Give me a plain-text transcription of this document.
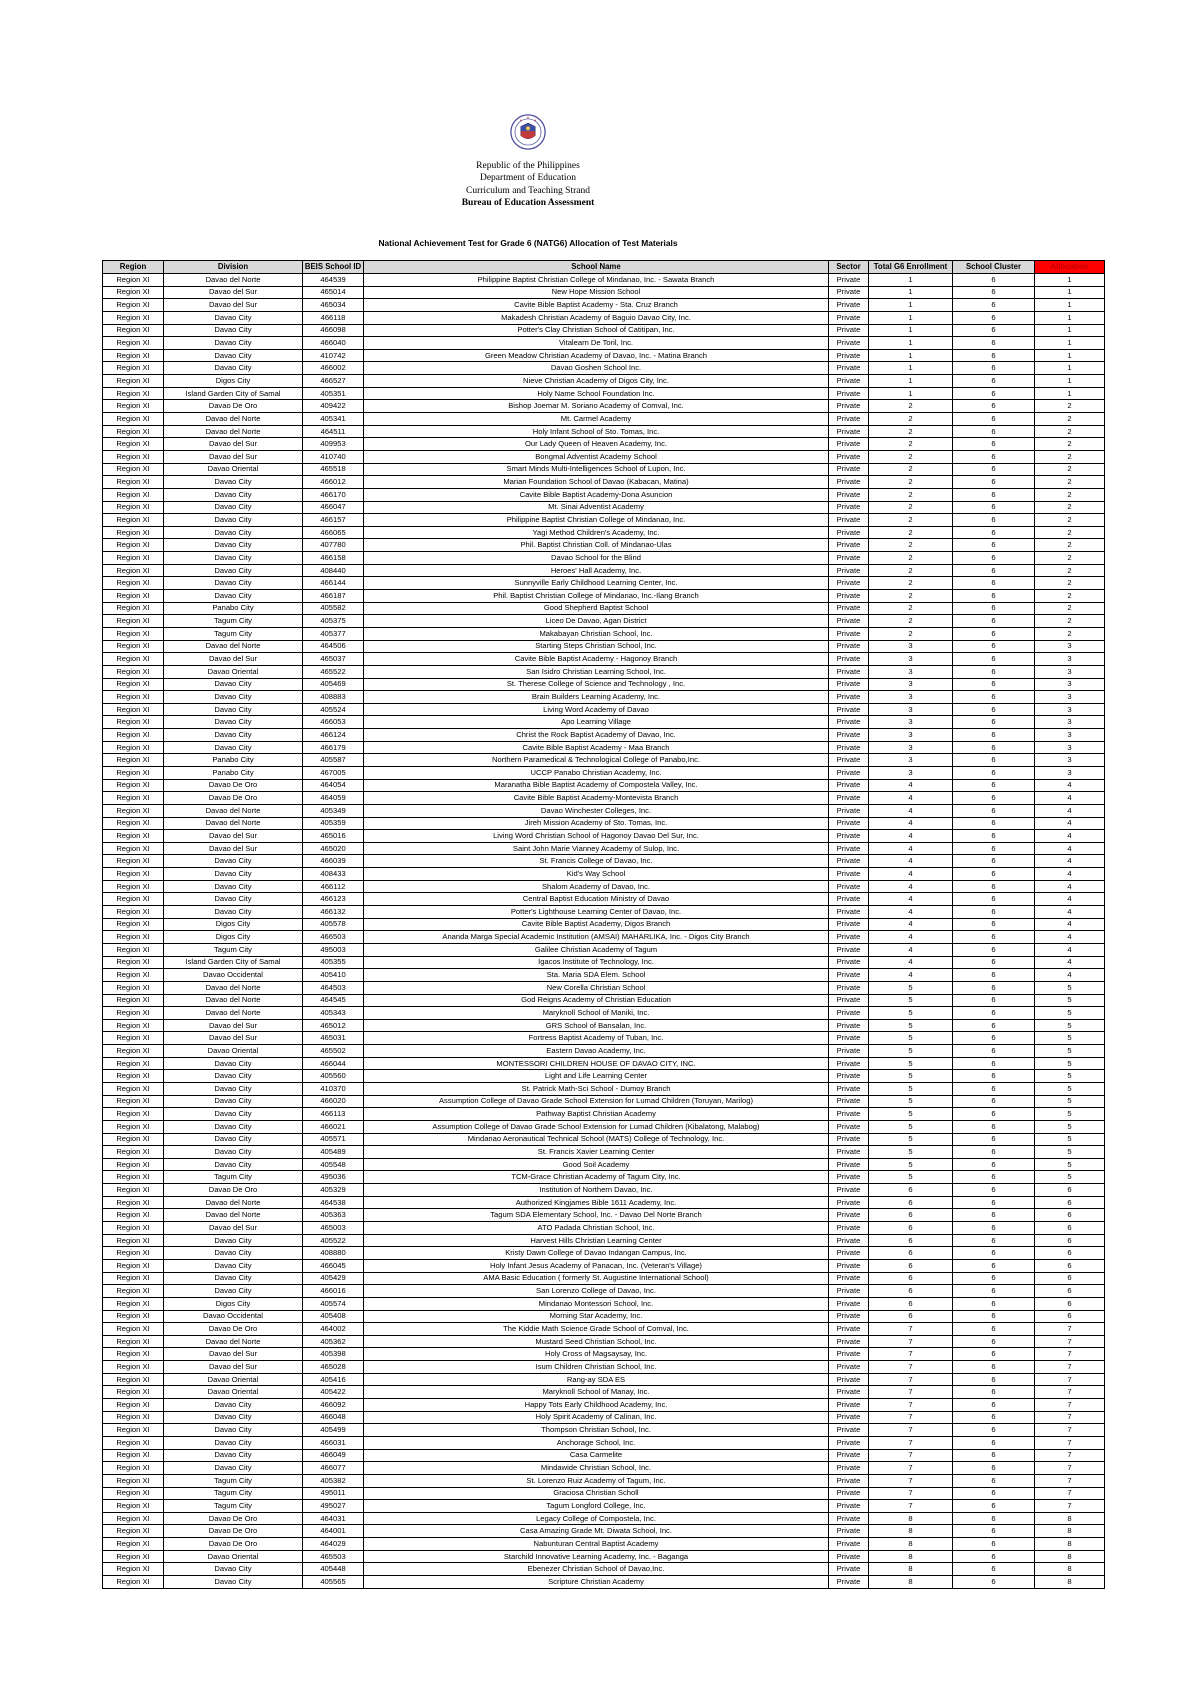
Republic of the Philippines
Department of Education
Curriculum and Teaching Strand
Bureau of Education Assessment
National Achievement Test for Grade 6 (NATG6) Allocation of Test Materials
Region	Division	BEIS School ID	School Name	Sector	Total G6 Enrollment	School Cluster	Allocation
Region XI	Davao del Norte	464539	Philippine Baptist Christian College of Mindanao, Inc. - Sawata Branch	Private	1	6	1
Region XI	Davao del Sur	465014	New Hope Mission School	Private	1	6	1
Region XI	Davao del Sur	465034	Cavite Bible Baptist Academy - Sta. Cruz Branch	Private	1	6	1
Region XI	Davao City	466118	Makadesh Christian Academy of Baguio Davao City, Inc.	Private	1	6	1
Region XI	Davao City	466098	Potter's Clay Christian School of Catitipan, Inc.	Private	1	6	1
Region XI	Davao City	466040	Vitalearn De Toril, Inc.	Private	1	6	1
Region XI	Davao City	410742	Green Meadow Christian Academy of Davao, Inc. - Matina Branch	Private	1	6	1
Region XI	Davao City	466002	Davao Goshen School Inc.	Private	1	6	1
Region XI	Digos City	466527	Nieve Christian Academy of Digos City, Inc.	Private	1	6	1
Region XI	Island Garden City of Samal	405351	Holy Name School Foundation Inc.	Private	1	6	1
Region XI	Davao De Oro	409422	Bishop Joemar M. Soriano Academy of Comval, Inc.	Private	2	6	2
Region XI	Davao del Norte	405341	Mt. Carmel Academy	Private	2	6	2
Region XI	Davao del Norte	464511	Holy Infant School of Sto. Tomas, Inc.	Private	2	6	2
Region XI	Davao del Sur	409953	Our Lady Queen of Heaven Academy, Inc.	Private	2	6	2
Region XI	Davao del Sur	410740	Bongmal Adventist Academy School	Private	2	6	2
Region XI	Davao Oriental	465518	Smart Minds Multi-Intelligences School of Lupon, Inc.	Private	2	6	2
Region XI	Davao City	466012	Marian Foundation School of Davao (Kabacan, Matina)	Private	2	6	2
Region XI	Davao City	466170	Cavite Bible Baptist Academy-Dona Asuncion	Private	2	6	2
Region XI	Davao City	466047	Mt. Sinai Adventist Academy	Private	2	6	2
Region XI	Davao City	466157	Philippine Baptist Christian College of Mindanao, Inc.	Private	2	6	2
Region XI	Davao City	466065	Yagi Method Children's Academy, Inc.	Private	2	6	2
Region XI	Davao City	407780	Phil. Baptist Christian Coll. of Mindanao-Ulas	Private	2	6	2
Region XI	Davao City	466158	Davao School for the Blind	Private	2	6	2
Region XI	Davao City	408440	Heroes' Hall Academy, Inc.	Private	2	6	2
Region XI	Davao City	466144	Sunnyville Early Childhood Learning Center, Inc.	Private	2	6	2
Region XI	Davao City	466187	Phil. Baptist Christian College of Mindanao, Inc.-Ilang Branch	Private	2	6	2
Region XI	Panabo City	405582	Good Shepherd Baptist School	Private	2	6	2
Region XI	Tagum City	405375	Liceo De Davao, Agan District	Private	2	6	2
Region XI	Tagum City	405377	Makabayan Christian School, Inc.	Private	2	6	2
Region XI	Davao del Norte	464506	Starting Steps Christian School, Inc.	Private	3	6	3
Region XI	Davao del Sur	465037	Cavite Bible Baptist Academy - Hagonoy Branch	Private	3	6	3
Region XI	Davao Oriental	465522	San Isidro Christian Learning School, Inc.	Private	3	6	3
Region XI	Davao City	405469	St. Therese College of Science and Technology , Inc.	Private	3	6	3
Region XI	Davao City	408883	Brain Builders Learning Academy, Inc.	Private	3	6	3
Region XI	Davao City	405524	Living Word Academy of Davao	Private	3	6	3
Region XI	Davao City	466053	Apo Learning Village	Private	3	6	3
Region XI	Davao City	466124	Christ the Rock Baptist Academy of Davao, Inc.	Private	3	6	3
Region XI	Davao City	466179	Cavite Bible Baptist Academy - Maa Branch	Private	3	6	3
Region XI	Panabo City	405587	Northern Paramedical & Technological College of Panabo,Inc.	Private	3	6	3
Region XI	Panabo City	467005	UCCP Panabo Christian Academy, Inc.	Private	3	6	3
Region XI	Davao De Oro	464054	Maranatha Bible Baptist Academy of Compostela Valley, Inc.	Private	4	6	4
Region XI	Davao De Oro	464059	Cavite Bible Baptist Academy-Montevista Branch	Private	4	6	4
Region XI	Davao del Norte	405349	Davao Winchester Colleges, Inc.	Private	4	6	4
Region XI	Davao del Norte	405359	Jireh Mission Academy of Sto. Tomas, Inc.	Private	4	6	4
Region XI	Davao del Sur	465016	Living Word Christian School of Hagonoy Davao Del Sur, Inc.	Private	4	6	4
Region XI	Davao del Sur	465020	Saint John Marie Vianney Academy of Sulop, Inc.	Private	4	6	4
Region XI	Davao City	466039	St. Francis College of Davao, Inc.	Private	4	6	4
Region XI	Davao City	408433	Kid's Way School	Private	4	6	4
Region XI	Davao City	466112	Shalom Academy of Davao, Inc.	Private	4	6	4
Region XI	Davao City	466123	Central Baptist Education Ministry of Davao	Private	4	6	4
Region XI	Davao City	466132	Potter's Lighthouse Learning Center of Davao, Inc.	Private	4	6	4
Region XI	Digos City	405578	Cavite Bible Baptist Academy, Digos Branch	Private	4	6	4
Region XI	Digos City	466503	Ananda Marga Special Academic Institution (AMSAI) MAHARLIKA, Inc. - Digos City Branch	Private	4	6	4
Region XI	Tagum City	495003	Galilee Christian Academy of Tagum	Private	4	6	4
Region XI	Island Garden City of Samal	405355	Igacos Institute of Technology, Inc.	Private	4	6	4
Region XI	Davao Occidental	405410	Sta. Maria SDA Elem. School	Private	4	6	4
Region XI	Davao del Norte	464503	New Corella Christian School	Private	5	6	5
Region XI	Davao del Norte	464545	God Reigns Academy of Christian Education	Private	5	6	5
Region XI	Davao del Norte	405343	Maryknoll School of Maniki, Inc.	Private	5	6	5
Region XI	Davao del Sur	465012	GRS School of Bansalan, Inc.	Private	5	6	5
Region XI	Davao del Sur	465031	Fortress Baptist Academy of Tuban, Inc.	Private	5	6	5
Region XI	Davao Oriental	465502	Eastern Davao Academy, Inc.	Private	5	6	5
Region XI	Davao City	466044	MONTESSORI CHILDREN HOUSE OF DAVAO CITY, INC.	Private	5	6	5
Region XI	Davao City	405560	Light and Life Learning Center	Private	5	6	5
Region XI	Davao City	410370	St. Patrick Math-Sci School - Dumoy Branch	Private	5	6	5
Region XI	Davao City	466020	Assumption College of Davao Grade School Extension for Lumad Children (Toruyan, Marilog)	Private	5	6	5
Region XI	Davao City	466113	Pathway Baptist Christian Academy	Private	5	6	5
Region XI	Davao City	466021	Assumption College of Davao Grade School Extension for Lumad Children (Kibalatong, Malabog)	Private	5	6	5
Region XI	Davao City	405571	Mindanao Aeronautical Technical School (MATS) College of Technology, Inc.	Private	5	6	5
Region XI	Davao City	405489	St. Francis Xavier Learning Center	Private	5	6	5
Region XI	Davao City	405548	Good Soil Academy	Private	5	6	5
Region XI	Tagum City	495036	TCM-Grace Christian Academy of Tagum City, Inc.	Private	5	6	5
Region XI	Davao De Oro	405329	Institution of Northern Davao, Inc.	Private	6	6	6
Region XI	Davao del Norte	464538	Authorized Kingjames Bible 1611 Academy, Inc.	Private	6	6	6
Region XI	Davao del Norte	405363	Tagum SDA Elementary School, Inc. - Davao Del Norte Branch	Private	6	6	6
Region XI	Davao del Sur	465003	ATO Padada Christian School, Inc.	Private	6	6	6
Region XI	Davao City	405522	Harvest Hills Christian Learning Center	Private	6	6	6
Region XI	Davao City	408880	Kristy Dawn College of Davao Indangan Campus, Inc.	Private	6	6	6
Region XI	Davao City	466045	Holy Infant Jesus Academy of Panacan, Inc. (Veteran's Village)	Private	6	6	6
Region XI	Davao City	405429	AMA Basic Education ( formerly St. Augustine International School)	Private	6	6	6
Region XI	Davao City	466016	San Lorenzo College of Davao, Inc.	Private	6	6	6
Region XI	Digos City	405574	Mindanao Montessori School, Inc.	Private	6	6	6
Region XI	Davao Occidental	405408	Morning Star Academy, Inc.	Private	6	6	6
Region XI	Davao De Oro	464002	The Kiddie Math Science Grade School of Comval, Inc.	Private	7	6	7
Region XI	Davao del Norte	405362	Mustard Seed Christian School, Inc.	Private	7	6	7
Region XI	Davao del Sur	405398	Holy Cross of Magsaysay, Inc.	Private	7	6	7
Region XI	Davao del Sur	465028	Isum Children Christian School, Inc.	Private	7	6	7
Region XI	Davao Oriental	405416	Rang-ay SDA ES	Private	7	6	7
Region XI	Davao Oriental	405422	Maryknoll School of Manay, Inc.	Private	7	6	7
Region XI	Davao City	466092	Happy Tots Early Childhood Academy, Inc.	Private	7	6	7
Region XI	Davao City	466048	Holy Spirit Academy of Calinan, Inc.	Private	7	6	7
Region XI	Davao City	405499	Thompson Christian School, Inc.	Private	7	6	7
Region XI	Davao City	466031	Anchorage School, Inc.	Private	7	6	7
Region XI	Davao City	466049	Casa Carmelite	Private	7	6	7
Region XI	Davao City	466077	Mindawide Christian School, Inc.	Private	7	6	7
Region XI	Tagum City	405382	St. Lorenzo Ruiz Academy of Tagum, Inc.	Private	7	6	7
Region XI	Tagum City	495011	Graciosa Christian Scholl	Private	7	6	7
Region XI	Tagum City	495027	Tagum Longford College, Inc.	Private	7	6	7
Region XI	Davao De Oro	464031	Legacy College of Compostela, Inc.	Private	8	6	8
Region XI	Davao De Oro	464001	Casa Amazing Grade Mt. Diwata School, Inc.	Private	8	6	8
Region XI	Davao De Oro	464029	Nabunturan Central Baptist Academy	Private	8	6	8
Region XI	Davao Oriental	465503	Starchild Innovative Learning Academy, Inc. - Baganga	Private	8	6	8
Region XI	Davao City	405448	Ebenezer Christian School of Davao,Inc.	Private	8	6	8
Region XI	Davao City	405565	Scripture Christian Academy	Private	8	6	8
